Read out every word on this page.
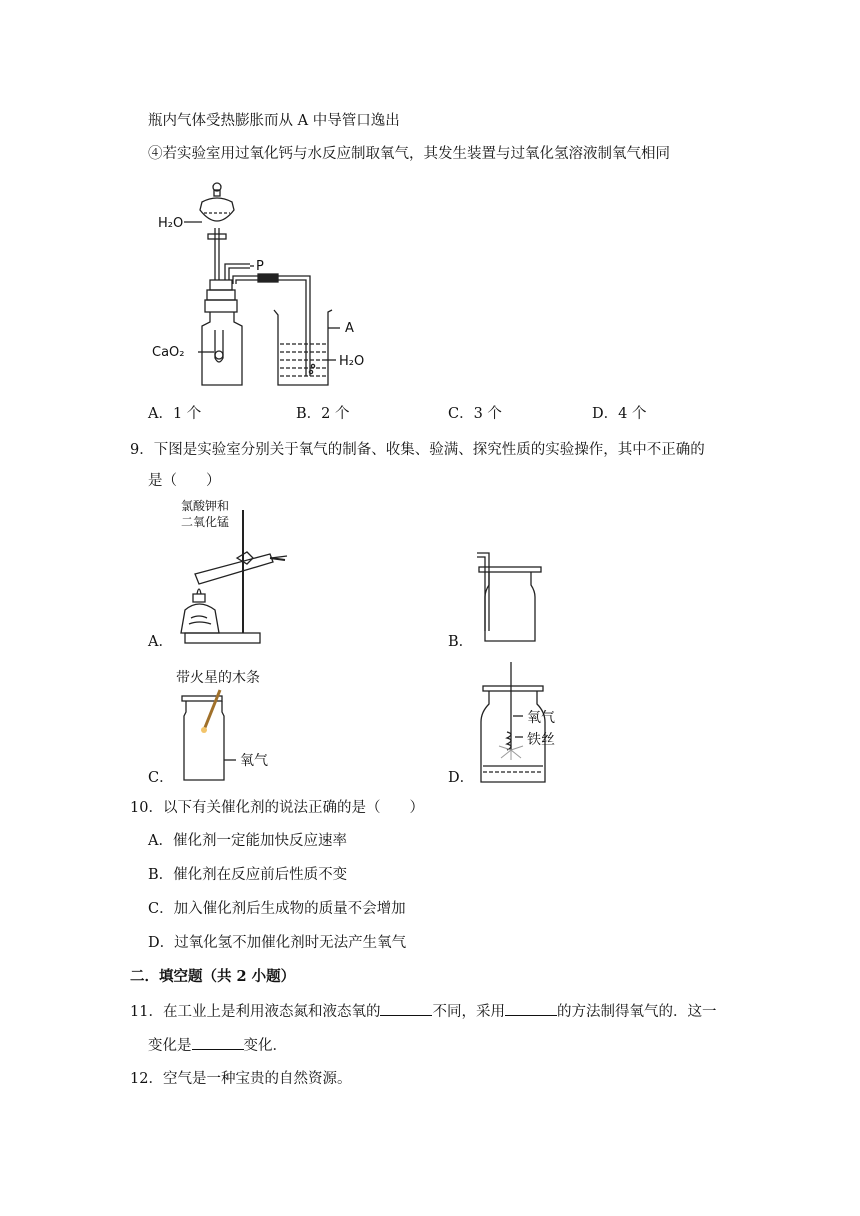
瓶内气体受热膨胀而从 A 中导管口逸出
④若实验室用过氧化钙与水反应制取氧气，其发生装置与过氧化氢溶液制氧气相同
H₂O
P
A
CaO₂
H₂O
A．1 个	B．2 个	C．3 个	D．4 个
9．下图是实验室分别关于氧气的制备、收集、验满、探究性质的实验操作，其中不正确的
是（　　）
氯酸钾和
二氧化锰
A．	B．
带火星的木条
氧气
C．
氧气
铁丝
D．
10．以下有关催化剂的说法正确的是（　　）
A．催化剂一定能加快反应速率
B．催化剂在反应前后性质不变
C．加入催化剂后生成物的质量不会增加
D．过氧化氢不加催化剂时无法产生氧气
二．填空题（共 2 小题）
11．在工业上是利用液态氮和液态氧的	不同，采用	的方法制得氧气的．这一
变化是	变化．
12．空气是一种宝贵的自然资源。
